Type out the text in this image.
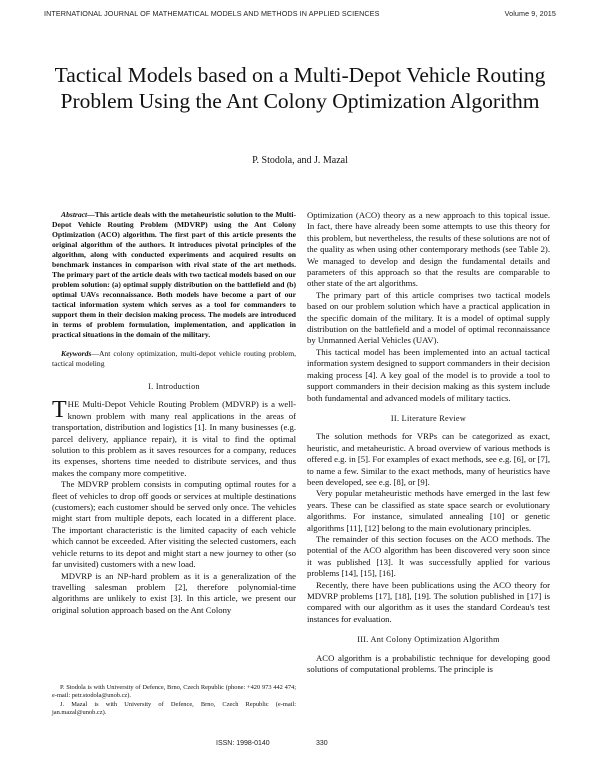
INTERNATIONAL JOURNAL OF MATHEMATICAL MODELS AND METHODS IN APPLIED SCIENCES	Volume 9, 2015
Tactical Models based on a Multi-Depot Vehicle Routing Problem Using the Ant Colony Optimization Algorithm
P. Stodola, and J. Mazal

Abstract—This article deals with the metaheuristic solution to the Multi-Depot Vehicle Routing Problem (MDVRP) using the Ant Colony Optimization (ACO) algorithm. The first part of this article presents the original algorithm of the authors. It introduces pivotal principles of the algorithm, along with conducted experiments and acquired results on benchmark instances in comparison with rival state of the art methods. The primary part of the article deals with two tactical models based on our problem solution: (a) optimal supply distribution on the battlefield and (b) optimal UAVs reconnaissance. Both models have become a part of our tactical information system which serves as a tool for commanders to support them in their decision making process. The models are introduced in terms of problem formulation, implementation, and application in practical situations in the domain of the military.

Keywords—Ant colony optimization, multi-depot vehicle routing problem, tactical modeling

I. Introduction

THE Multi-Depot Vehicle Routing Problem (MDVRP) is a well-known problem with many real applications in the areas of transportation, distribution and logistics [1]. In many businesses (e.g. parcel delivery, appliance repair), it is vital to find the optimal solution to this problem as it saves resources for a company, reduces its expenses, shortens time needed to distribute services, and thus makes the company more competitive.

The MDVRP problem consists in computing optimal routes for a fleet of vehicles to drop off goods or services at multiple destinations (customers); each customer should be served only once. The vehicles might start from multiple depots, each located in a different place. The important characteristic is the limited capacity of each vehicle which cannot be exceeded. After visiting the selected customers, each vehicle returns to its depot and might start a new journey to other (so far unvisited) customers with a new load.

MDVRP is an NP-hard problem as it is a generalization of the travelling salesman problem [2], therefore polynomial-time algorithms are unlikely to exist [3]. In this article, we present our original solution approach based on the Ant Colony

P. Stodola is with University of Defence, Brno, Czech Republic (phone: +420 973 442 474; e-mail: petr.stodola@unob.cz).

J. Mazal is with University of Defence, Brno, Czech Republic (e-mail: jan.mazal@unob.cz).

Optimization (ACO) theory as a new approach to this topical issue. In fact, there have already been some attempts to use this theory for this problem, but nevertheless, the results of these solutions are not of the quality as when using other contemporary methods (see Table 2). We managed to develop and design the fundamental details and parameters of this approach so that the results are comparable to other state of the art algorithms.

The primary part of this article comprises two tactical models based on our problem solution which have a practical application in the specific domain of the military. It is a model of optimal supply distribution on the battlefield and a model of optimal reconnaissance by Unmanned Aerial Vehicles (UAV).

This tactical model has been implemented into an actual tactical information system designed to support commanders in their decision making process [4]. A key goal of the model is to provide a tool to support commanders in their decision making as this system include both fundamental and advanced models of military tactics.

II. Literature Review

The solution methods for VRPs can be categorized as exact, heuristic, and metaheuristic. A broad overview of various methods is offered e.g. in [5]. For examples of exact methods, see e.g. [6], or [7], to name a few. Similar to the exact methods, many of heuristics have been developed, see e.g. [8], or [9].

Very popular metaheuristic methods have emerged in the last few years. These can be classified as state space search or evolutionary algorithms. For instance, simulated annealing [10] or genetic algorithms [11], [12] belong to the main evolutionary principles.

The remainder of this section focuses on the ACO methods. The potential of the ACO algorithm has been discovered very soon since it was published [13]. It was successfully applied for various problems [14], [15], [16].

Recently, there have been publications using the ACO theory for MDVRP problems [17], [18], [19]. The solution published in [17] is compared with our algorithm as it uses the standard Cordeau's test instances for evaluation.

III. Ant Colony Optimization Algorithm

ACO algorithm is a probabilistic technique for developing good solutions of computational problems. The principle is

ISSN: 1998-0140	330
